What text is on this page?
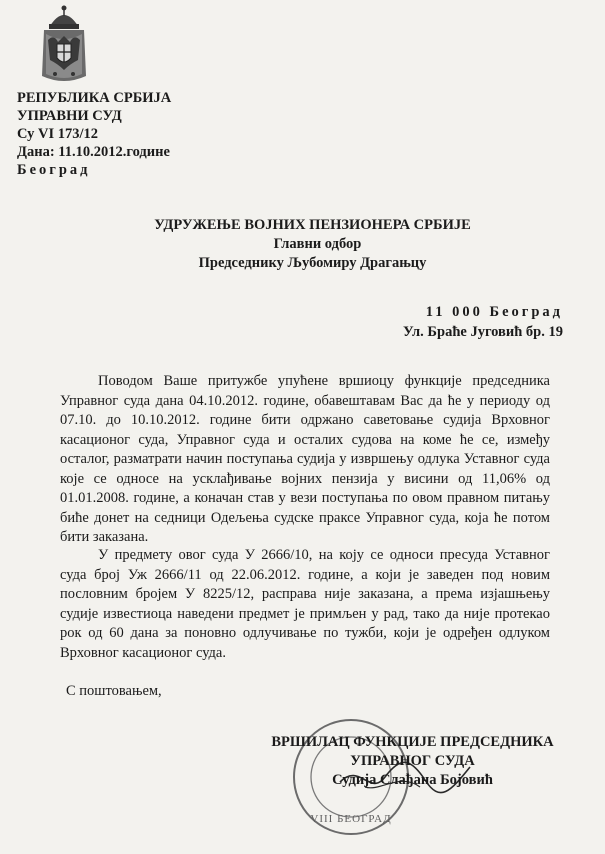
РЕПУБЛИКА СРБИЈА
УПРАВНИ СУД
Су VI 173/12
Дана: 11.10.2012.године
Београд
УДРУЖЕЊЕ ВОЈНИХ ПЕНЗИОНЕРА СРБИЈЕ
Главни одбор
Председнику Љубомиру Драгањцу
11 000 Београд
Ул. Браће Југовић бр. 19

Поводом Ваше притужбе упућене вршиоцу функције председника Управног суда дана 04.10.2012. године, обавештавам Вас да ће у периоду од 07.10. до 10.10.2012. године бити одржано саветовање судија Врховног касационог суда, Управног суда и осталих судова на коме ће се, између осталог, разматрати начин поступања судија у извршењу одлука Уставног суда које се односе на усклађивање војних пензија у висини од 11,06% од 01.01.2008. године, а коначан став у вези поступања по овом правном питању биће донет на седници Одељења судске праксе Управног суда, која ће потом бити заказана.

У предмету овог суда У 2666/10, на коју се односи пресуда Уставног суда број Уж 2666/11 од 22.06.2012. године, а који је заведен под новим пословним бројем У 8225/12, расправа није заказана, а према изјашњењу судије известиоца наведени предмет је примљен у рад, тако да није протекао рок од 60 дана за поновно одлучивање по тужби, који је одређен одлуком Врховног касационог суда.

С поштовањем,
VIII БЕОГРАД
ВРШИЛАЦ ФУНКЦИЈЕ ПРЕДСЕДНИКА
УПРАВНОГ СУДА
Судија Слађана Бојовић
